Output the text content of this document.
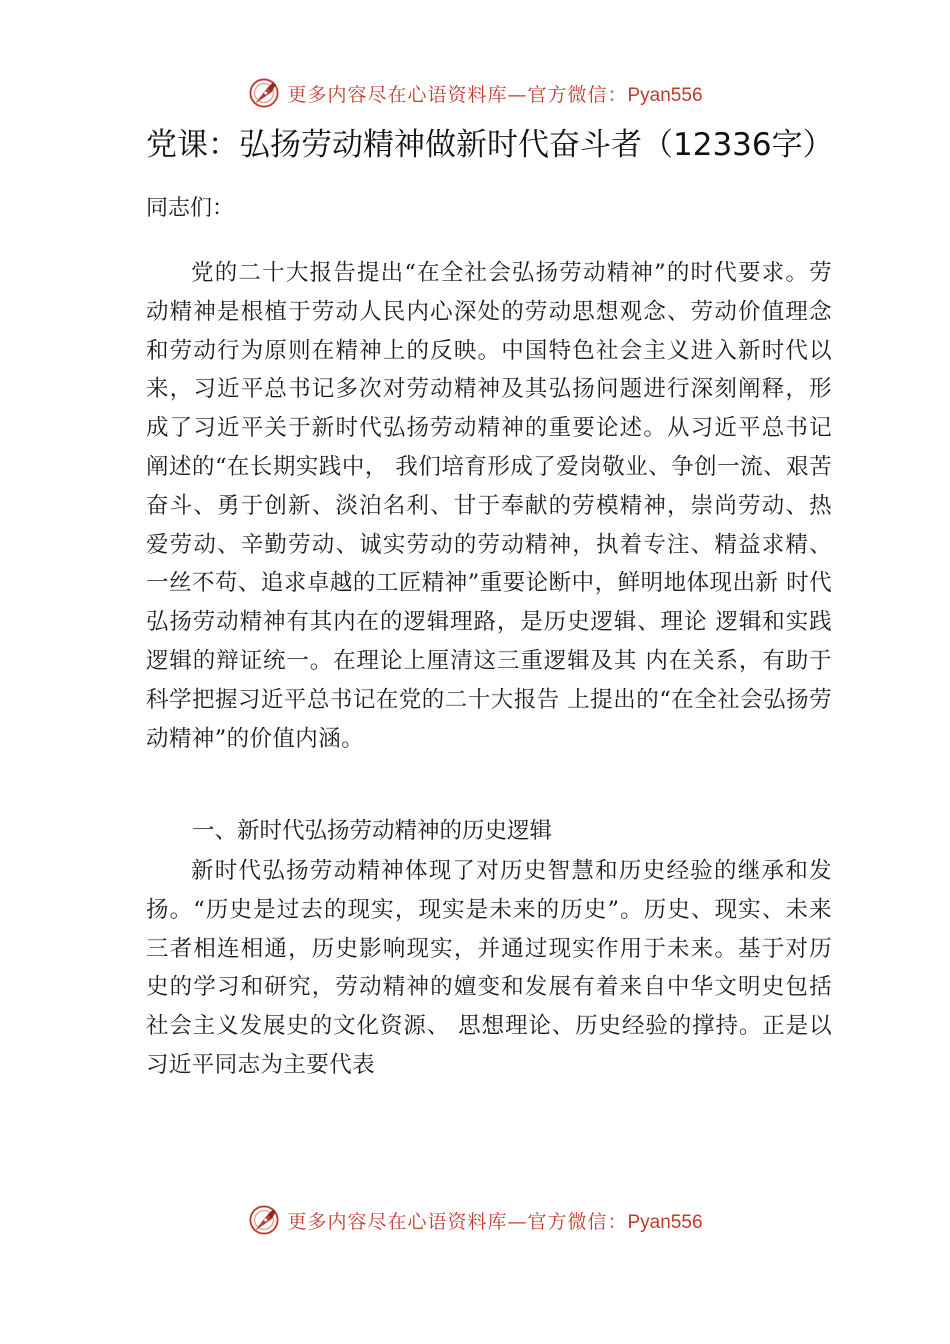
更多内容尽在心语资料库—官方微信：Pyan556
党课：弘扬劳动精神做新时代奋斗者（12336字）

同志们：

党的二十大报告提出“在全社会弘扬劳动精神”的时代要求。劳动精神是根植于劳动人民内心深处的劳动思想观念、劳动价值理念和劳动行为原则在精神上的反映。中国特色社会主义进入新时代以来，习近平总书记多次对劳动精神及其弘扬问题进行深刻阐释，形成了习近平关于新时代弘扬劳动精神的重要论述。从习近平总书记阐述的“在长期实践中， 我们培育形成了爱岗敬业、争创一流、艰苦奋斗、勇于创新、淡泊名利、甘于奉献的劳模精神，崇尚劳动、热爱劳动、辛勤劳动、诚实劳动的劳动精神，执着专注、精益求精、一丝不苟、追求卓越的工匠精神”重要论断中，鲜明地体现出新 时代弘扬劳动精神有其内在的逻辑理路，是历史逻辑、理论 逻辑和实践逻辑的辩证统一。在理论上厘清这三重逻辑及其 内在关系，有助于科学把握习近平总书记在党的二十大报告 上提出的“在全社会弘扬劳动精神”的价值内涵。

一、新时代弘扬劳动精神的历史逻辑

新时代弘扬劳动精神体现了对历史智慧和历史经验的继承和发扬。“历史是过去的现实，现实是未来的历史”。历史、现实、未来三者相连相通，历史影响现实，并通过现实作用于未来。基于对历史的学习和研究，劳动精神的嬗变和发展有着来自中华文明史包括社会主义发展史的文化资源、 思想理论、历史经验的撑持。正是以习近平同志为主要代表

更多内容尽在心语资料库—官方微信：Pyan556
